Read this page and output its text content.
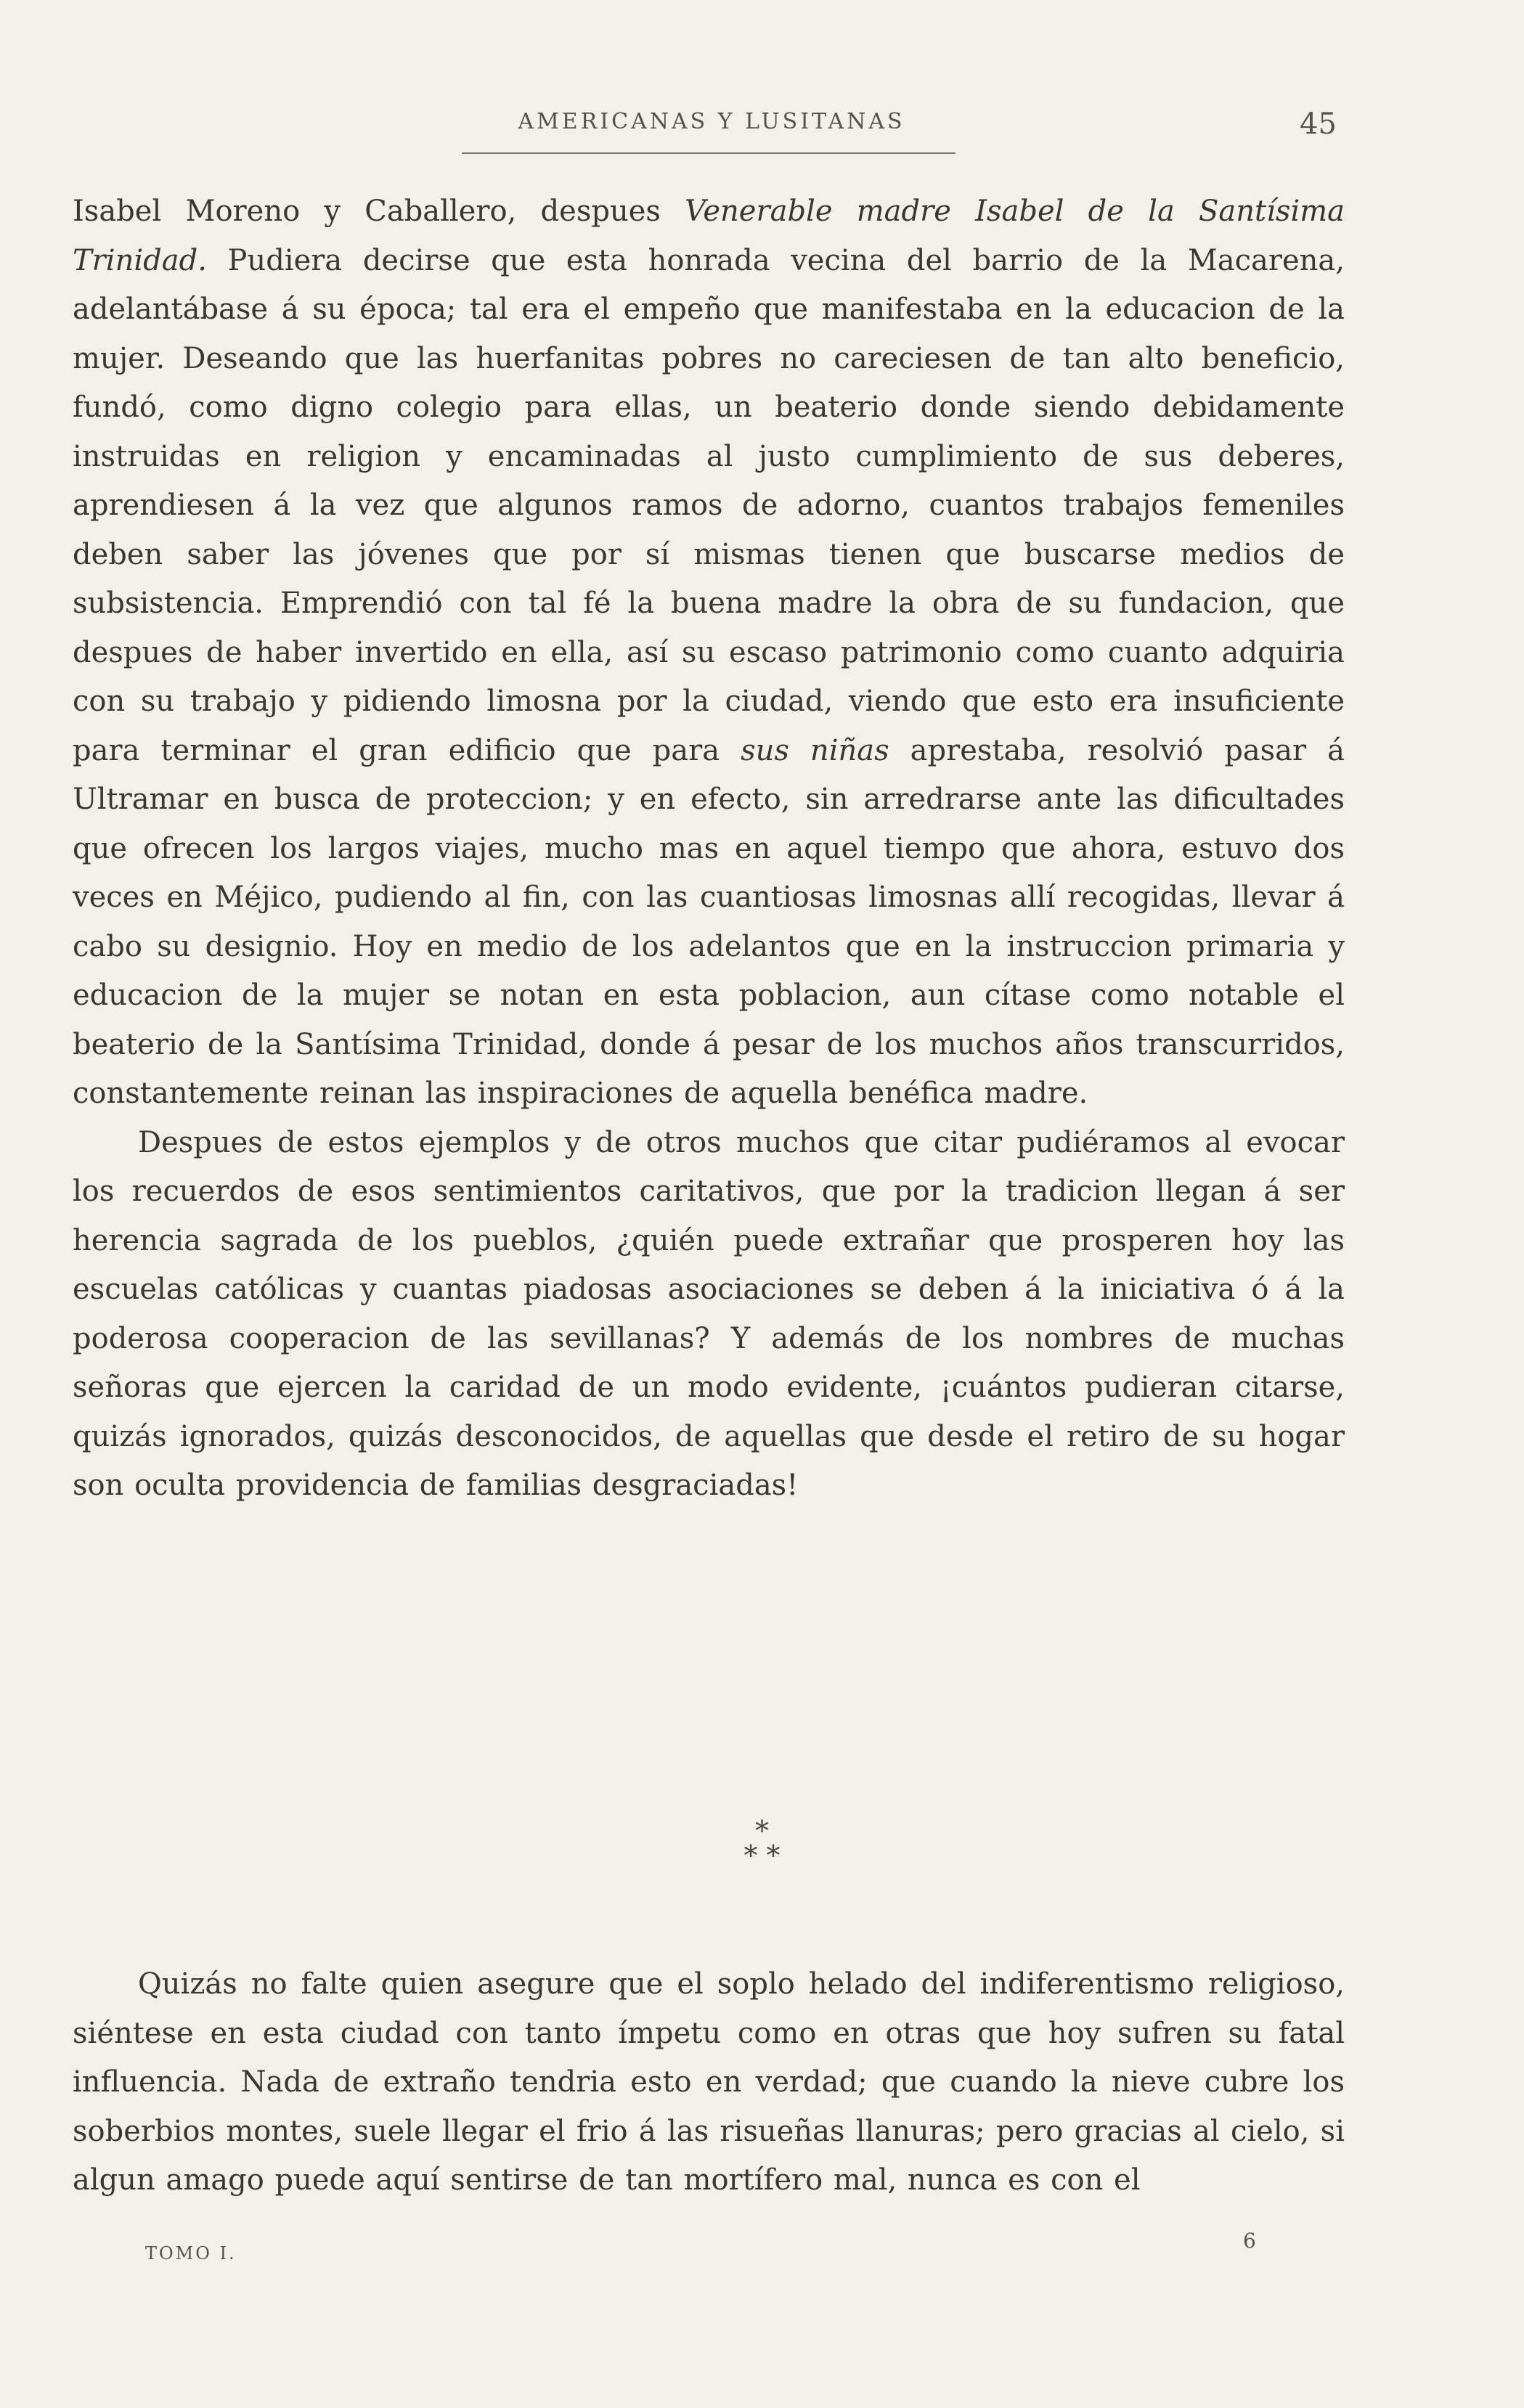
AMERICANAS Y LUSITANAS	45

Isabel Moreno y Caballero, despues Venerable madre Isabel de la Santísima Trinidad. Pudiera decirse que esta honrada vecina del barrio de la Macarena, adelantábase á su época; tal era el empeño que manifestaba en la educacion de la mujer. Deseando que las huerfanitas pobres no careciesen de tan alto beneficio, fundó, como digno colegio para ellas, un beaterio donde siendo debidamente instruidas en religion y encaminadas al justo cumplimiento de sus deberes, aprendiesen á la vez que algunos ramos de adorno, cuantos trabajos femeniles deben saber las jóvenes que por sí mismas tienen que buscarse medios de subsistencia. Emprendió con tal fé la buena madre la obra de su fundacion, que despues de haber invertido en ella, así su escaso patrimonio como cuanto adquiria con su trabajo y pidiendo limosna por la ciudad, viendo que esto era insuficiente para terminar el gran edificio que para sus niñas aprestaba, resolvió pasar á Ultramar en busca de proteccion; y en efecto, sin arredrarse ante las dificultades que ofrecen los largos viajes, mucho mas en aquel tiempo que ahora, estuvo dos veces en Méjico, pudiendo al fin, con las cuantiosas limosnas allí recogidas, llevar á cabo su designio. Hoy en medio de los adelantos que en la instruccion primaria y educacion de la mujer se notan en esta poblacion, aun cítase como notable el beaterio de la Santísima Trinidad, donde á pesar de los muchos años transcurridos, constantemente reinan las inspiraciones de aquella benéfica madre.

Despues de estos ejemplos y de otros muchos que citar pudiéramos al evocar los recuerdos de esos sentimientos caritativos, que por la tradicion llegan á ser herencia sagrada de los pueblos, ¿quién puede extrañar que prosperen hoy las escuelas católicas y cuantas piadosas asociaciones se deben á la iniciativa ó á la poderosa cooperacion de las sevillanas? Y además de los nombres de muchas señoras que ejercen la caridad de un modo evidente, ¡cuántos pudieran citarse, quizás ignorados, quizás desconocidos, de aquellas que desde el retiro de su hogar son oculta providencia de familias desgraciadas!

*
* *

Quizás no falte quien asegure que el soplo helado del indiferentismo religioso, siéntese en esta ciudad con tanto ímpetu como en otras que hoy sufren su fatal influencia. Nada de extraño tendria esto en verdad; que cuando la nieve cubre los soberbios montes, suele llegar el frio á las risueñas llanuras; pero gracias al cielo, si algun amago puede aquí sentirse de tan mortífero mal, nunca es con el

TOMO I.
6
